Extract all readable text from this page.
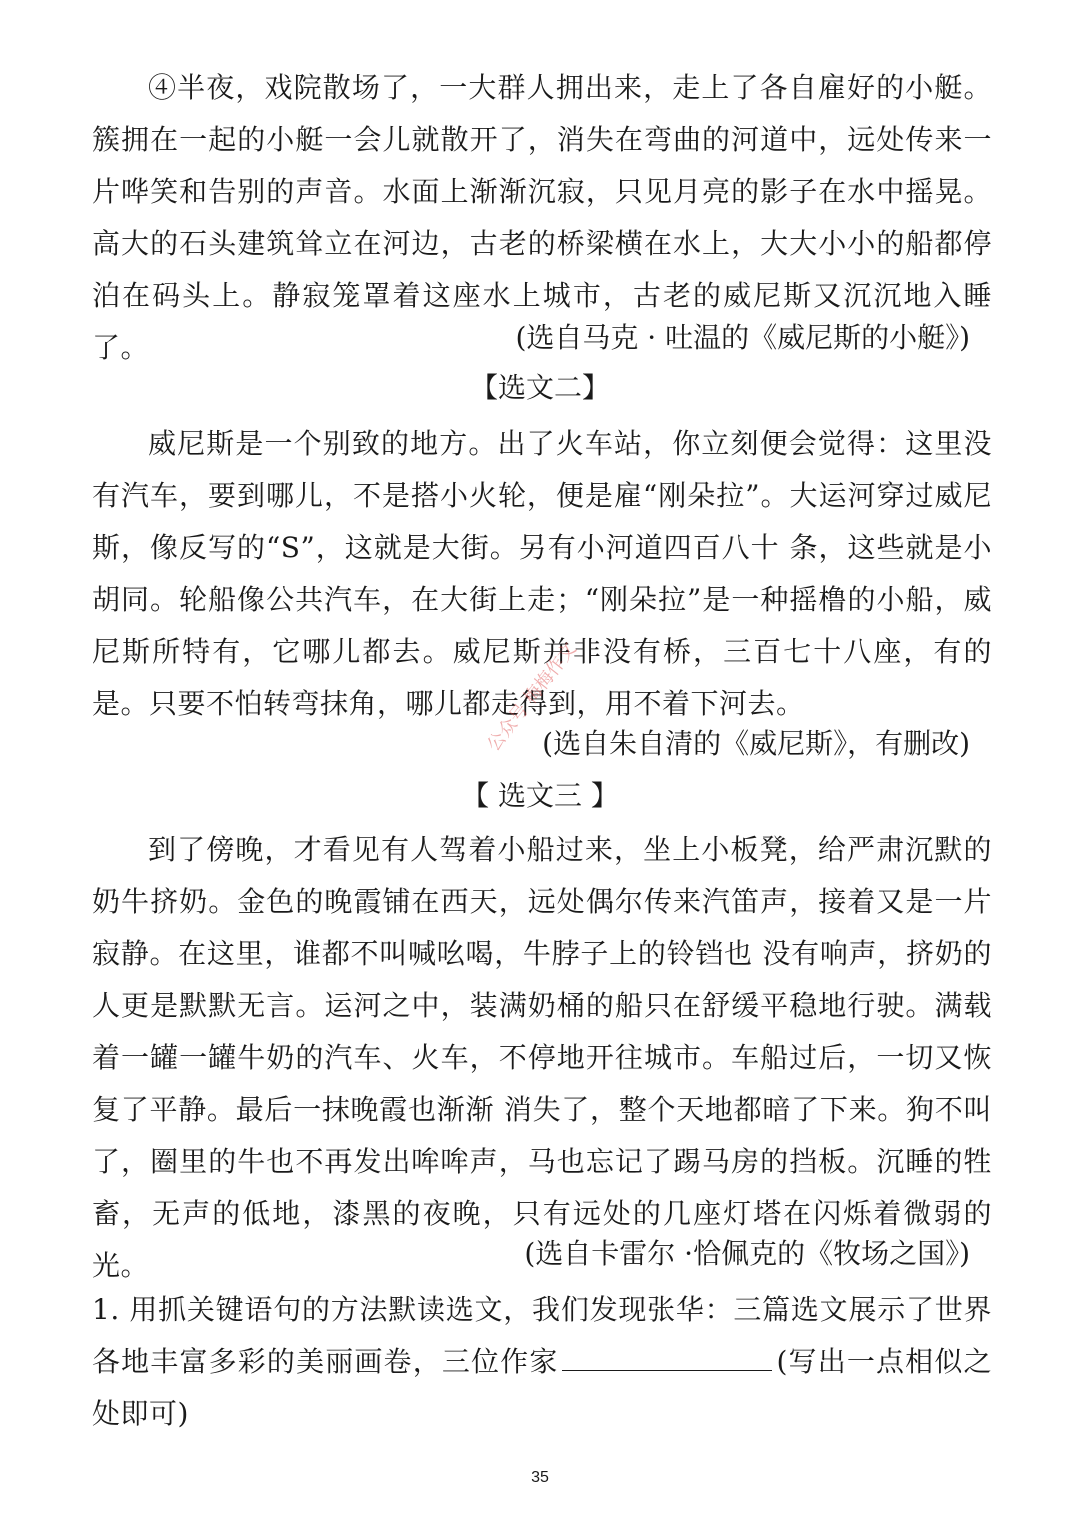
④半夜，戏院散场了，一大群人拥出来，走上了各自雇好的小艇。簇拥在一起的小艇一会儿就散开了，消失在弯曲的河道中，远处传来一片哗笑和告别的声音。水面上渐渐沉寂，只见月亮的影子在水中摇晃。高大的石头建筑耸立在河边，古老的桥梁横在水上，大大小小的船都停泊在码头上。静寂笼罩着这座水上城市，古老的威尼斯又沉沉地入睡了。	(选自马克 · 吐温的《威尼斯的小艇》)

【选文二】

威尼斯是一个别致的地方。出了火车站，你立刻便会觉得：这里没有汽车，要到哪儿，不是搭小火轮，便是雇“刚朵拉”。大运河穿过威尼斯，像反写的“S”，这就是大街。另有小河道四百八十 条，这些就是小胡同。轮船像公共汽车，在大街上走；“刚朵拉”是一种摇橹的小船，威尼斯所特有，它哪儿都去。威尼斯并非没有桥，三百七十八座，有的是。只要不怕转弯抹角，哪儿都走得到，用不着下河去。

(选自朱自清的《威尼斯》，有删改)

【 选文三 】

到了傍晚，才看见有人驾着小船过来，坐上小板凳，给严肃沉默的奶牛挤奶。金色的晚霞铺在西天，远处偶尔传来汽笛声，接着又是一片寂静。在这里，谁都不叫喊吆喝，牛脖子上的铃铛也 没有响声，挤奶的人更是默默无言。运河之中，装满奶桶的船只在舒缓平稳地行驶。满载着一罐一罐牛奶的汽车、火车，不停地开往城市。车船过后，一切又恢复了平静。最后一抹晚霞也渐渐 消失了，整个天地都暗了下来。狗不叫了，圈里的牛也不再发出哞哞声，马也忘记了踢马房的挡板。沉睡的牲畜，无声的低地，漆黑的夜晚，只有远处的几座灯塔在闪烁着微弱的光。	(选自卡雷尔 ·恰佩克的《牧场之国》)

1. 用抓关键语句的方法默读选文，我们发现张华：三篇选文展示了世界各地丰富多彩的美丽画卷，三位作家	(写出一点相似之处即可)

公众号 梅梅作文
35
